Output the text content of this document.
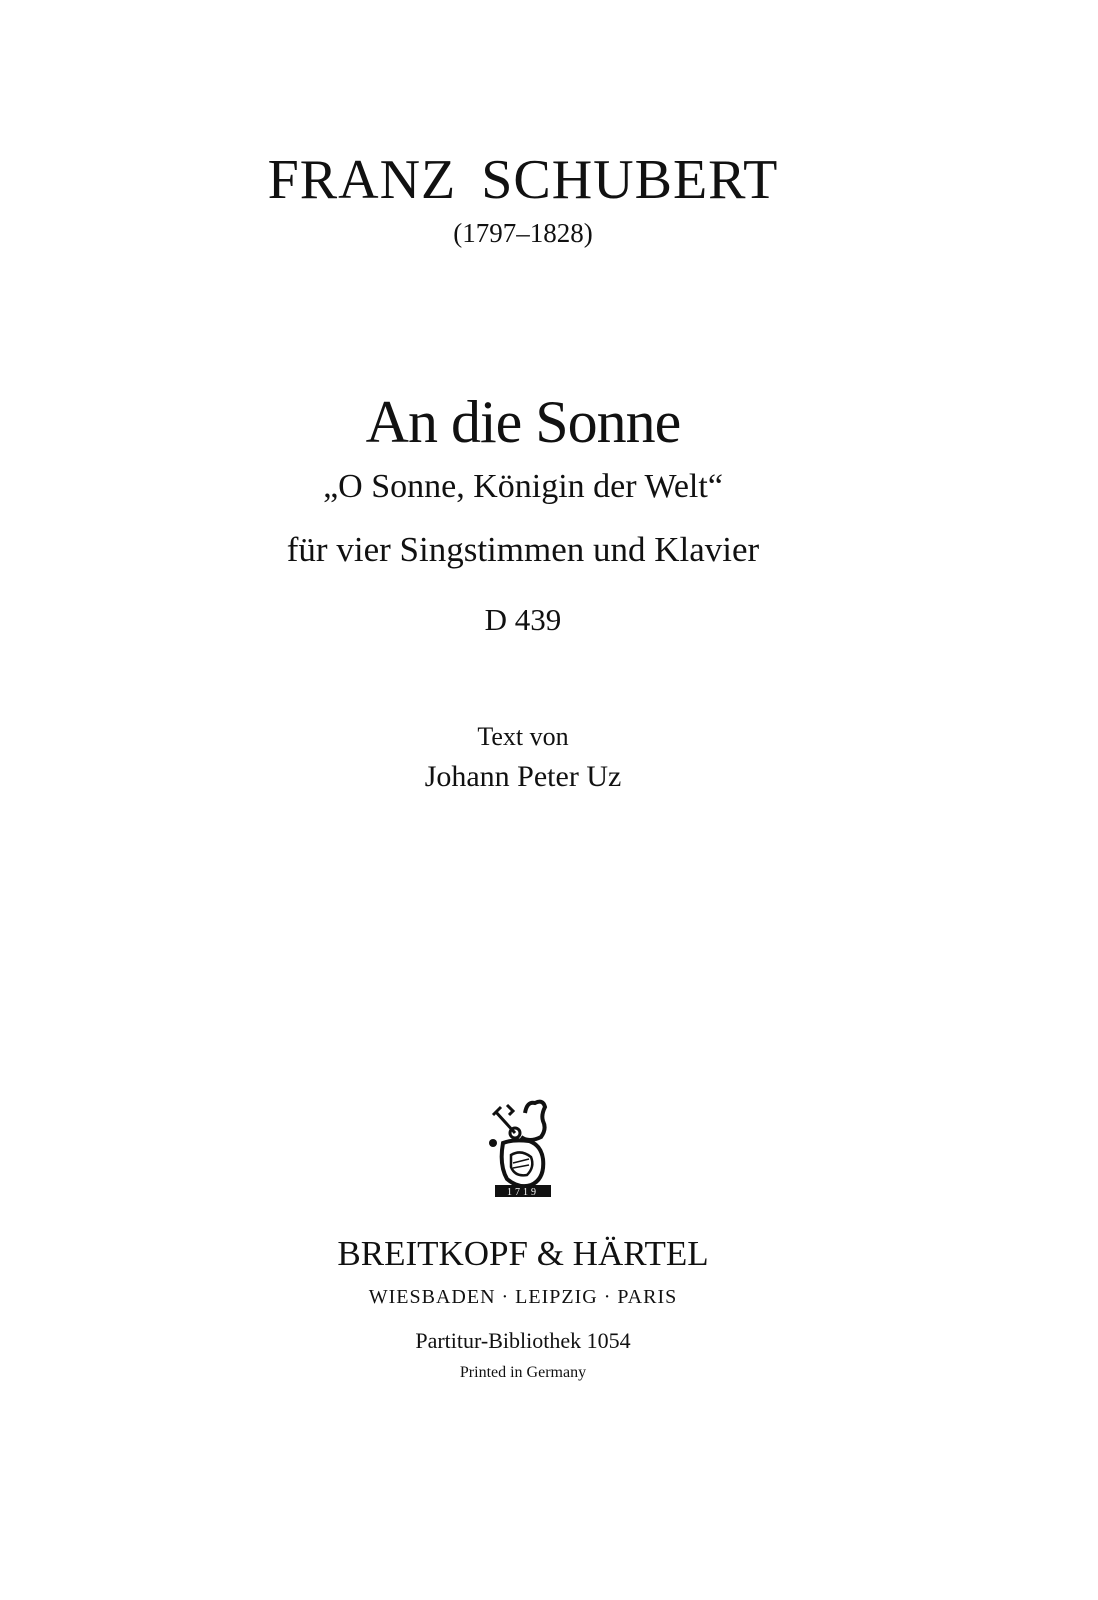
FRANZ SCHUBERT
(1797–1828)
An die Sonne
„O Sonne, Königin der Welt“
für vier Singstimmen und Klavier
D 439
Text von
Johann Peter Uz
1719
BREITKOPF & HÄRTEL
WIESBADEN · LEIPZIG · PARIS
Partitur-Bibliothek 1054
Printed in Germany
